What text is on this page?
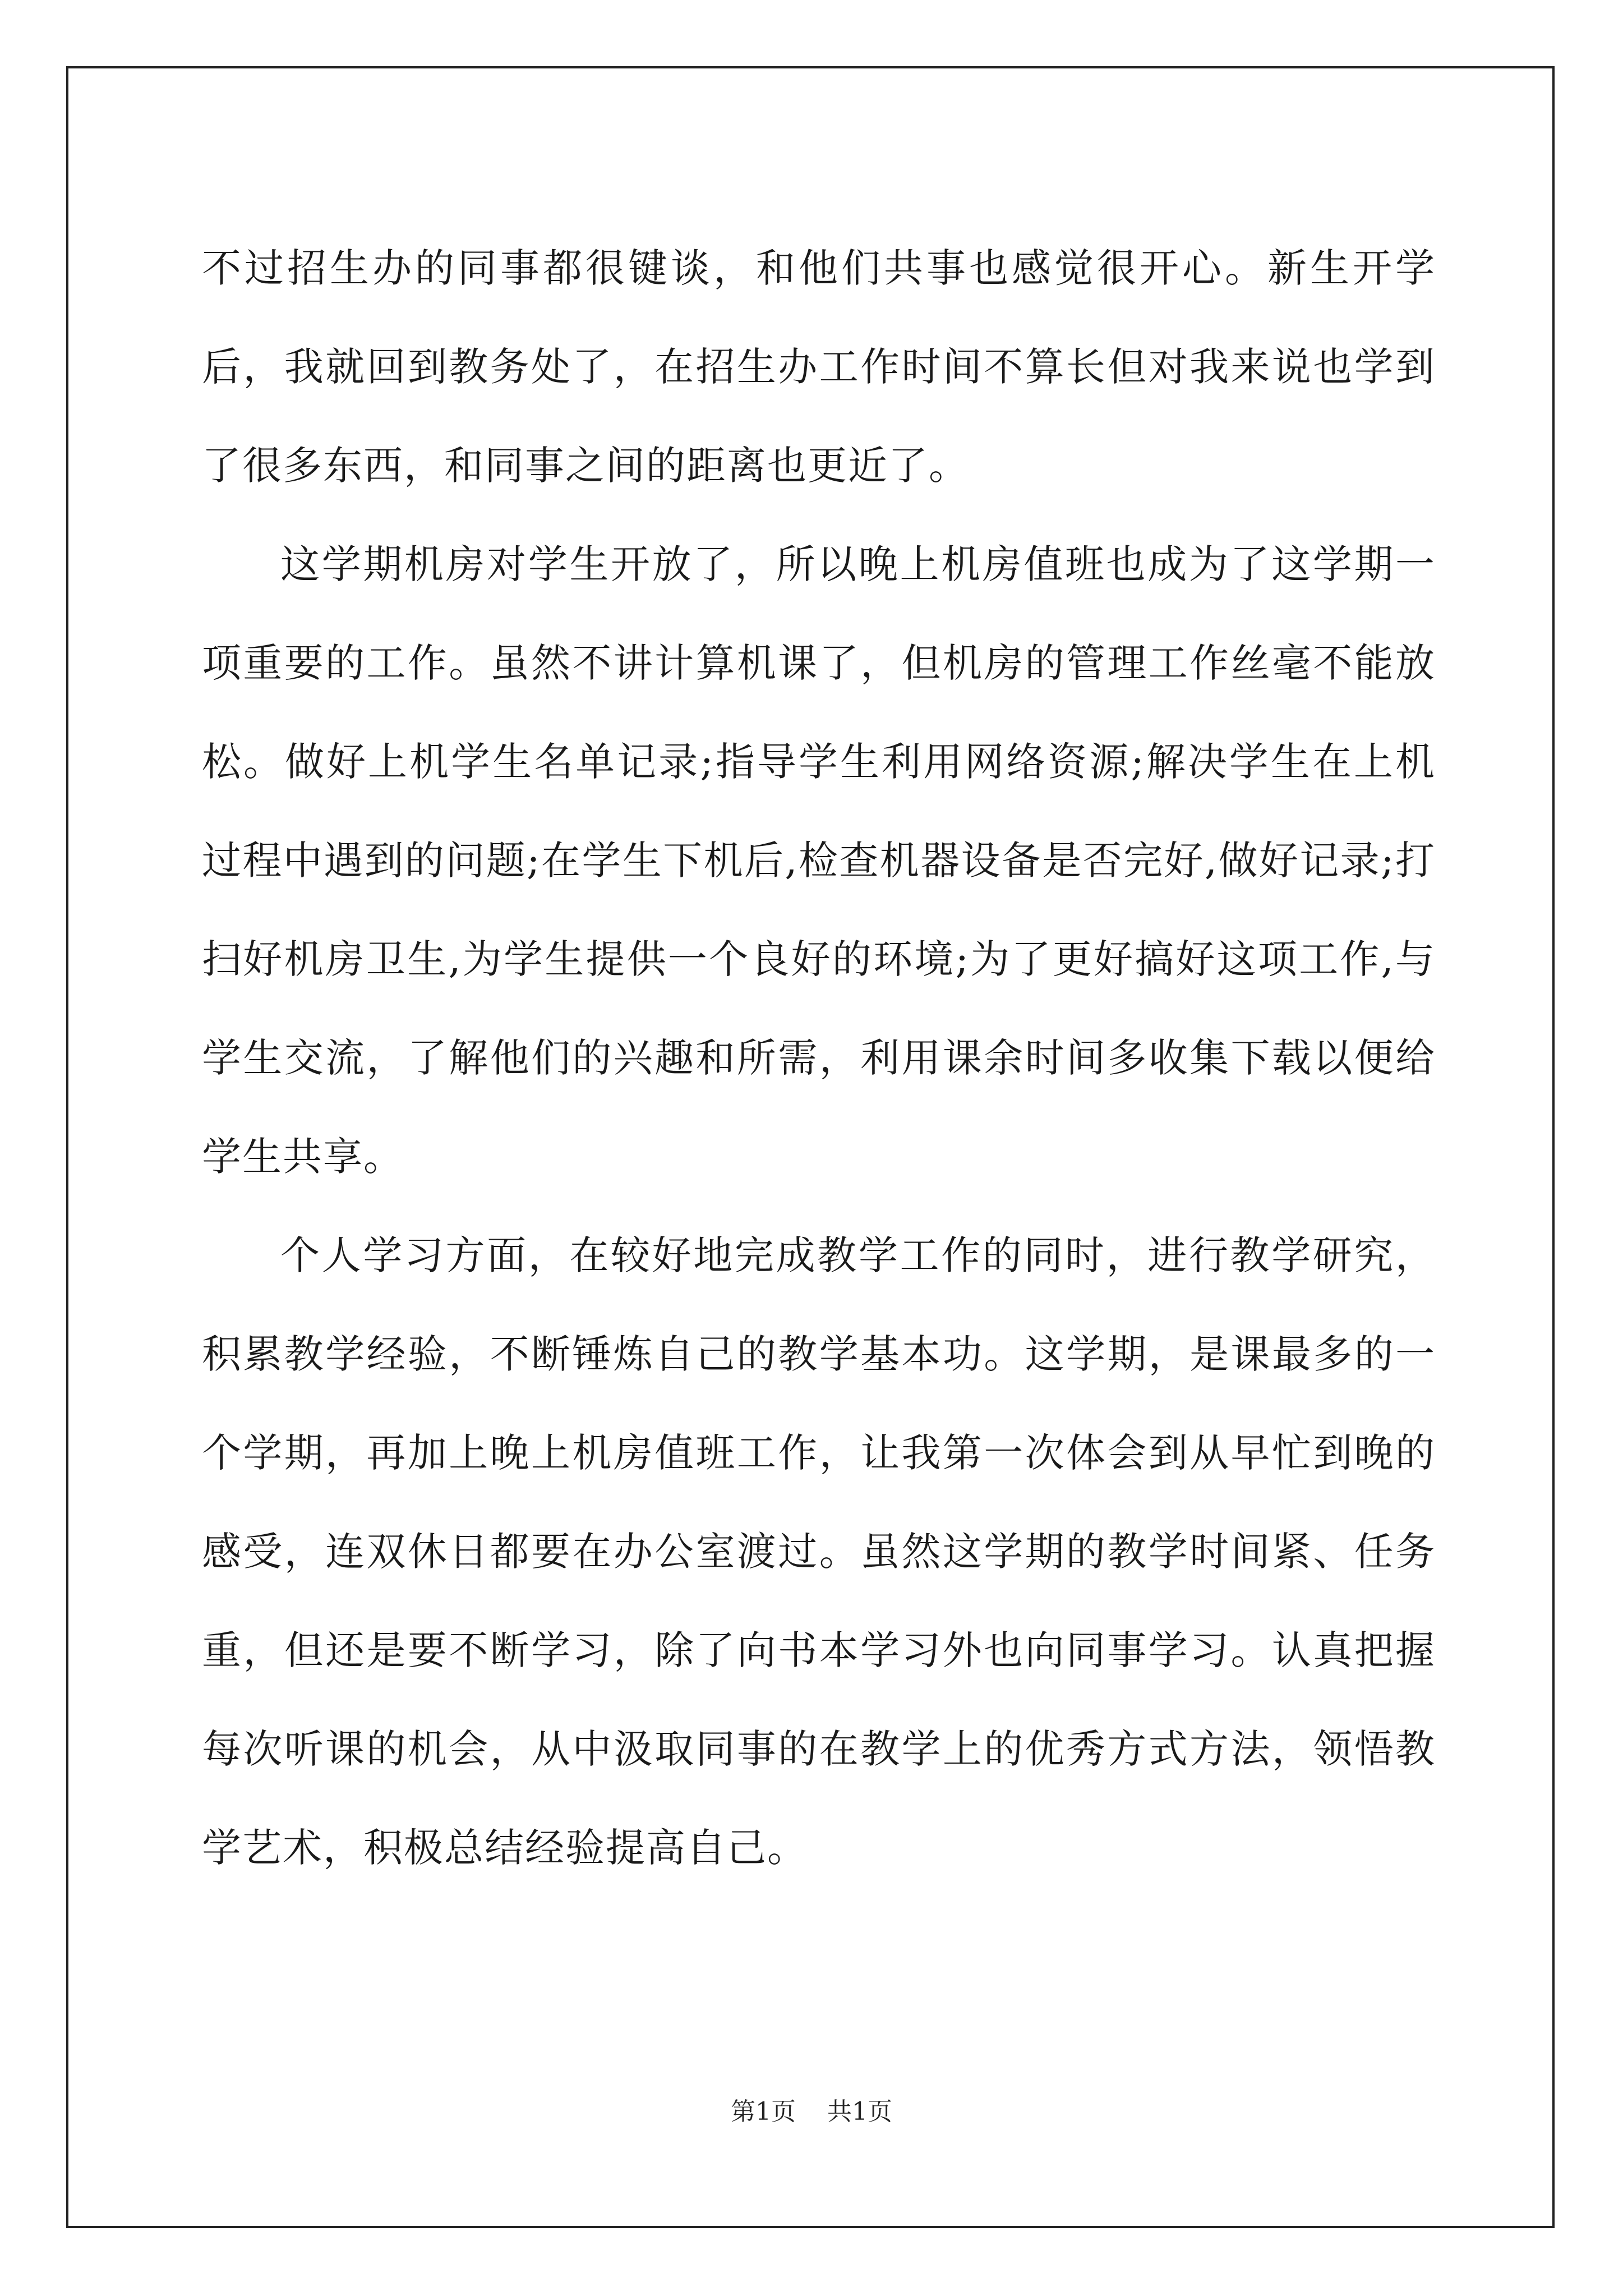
不过招生办的同事都很键谈，和他们共事也感觉很开心。新生开学后，我就回到教务处了，在招生办工作时间不算长但对我来说也学到了很多东西，和同事之间的距离也更近了。

这学期机房对学生开放了，所以晚上机房值班也成为了这学期一项重要的工作。虽然不讲计算机课了，但机房的管理工作丝毫不能放松。做好上机学生名单记录;指导学生利用网络资源;解决学生在上机过程中遇到的问题;在学生下机后,检查机器设备是否完好,做好记录;打扫好机房卫生,为学生提供一个良好的环境;为了更好搞好这项工作,与学生交流，了解他们的兴趣和所需，利用课余时间多收集下载以便给学生共享。

个人学习方面，在较好地完成教学工作的同时，进行教学研究，积累教学经验，不断锤炼自己的教学基本功。这学期，是课最多的一个学期，再加上晚上机房值班工作，让我第一次体会到从早忙到晚的感受，连双休日都要在办公室渡过。虽然这学期的教学时间紧、任务重，但还是要不断学习，除了向书本学习外也向同事学习。认真把握每次听课的机会，从中汲取同事的在教学上的优秀方式方法，领悟教学艺术，积极总结经验提高自己。

第1页 共1页
